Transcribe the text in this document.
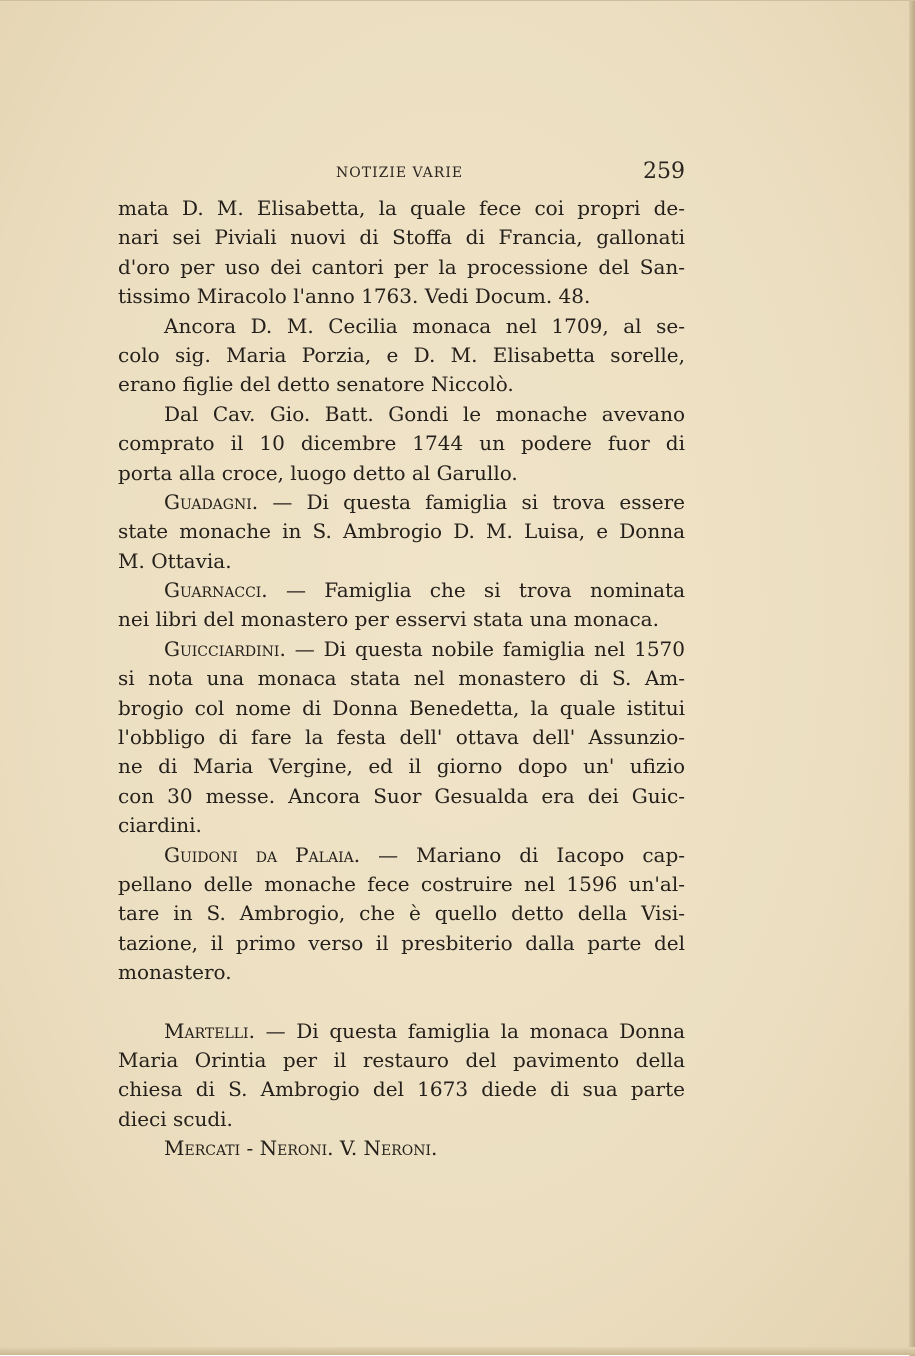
NOTIZIE VARIE	259
mata D. M. Elisabetta, la quale fece coi propri de-
nari sei Piviali nuovi di Stoffa di Francia, gallonati
d'oro per uso dei cantori per la processione del San-
tissimo Miracolo l'anno 1763. Vedi Docum. 48.
Ancora D. M. Cecilia monaca nel 1709, al se-
colo sig. Maria Porzia, e D. M. Elisabetta sorelle,
erano figlie del detto senatore Niccolò.
Dal Cav. Gio. Batt. Gondi le monache avevano
comprato il 10 dicembre 1744 un podere fuor di
porta alla croce, luogo detto al Garullo.
Guadagni. — Di questa famiglia si trova essere
state monache in S. Ambrogio D. M. Luisa, e Donna
M. Ottavia.
Guarnacci. — Famiglia che si trova nominata
nei libri del monastero per esservi stata una monaca.
Guicciardini. — Di questa nobile famiglia nel 1570
si nota una monaca stata nel monastero di S. Am-
brogio col nome di Donna Benedetta, la quale istitui
l'obbligo di fare la festa dell' ottava dell' Assunzio-
ne di Maria Vergine, ed il giorno dopo un' ufizio
con 30 messe. Ancora Suor Gesualda era dei Guic-
ciardini.
Guidoni da Palaia. — Mariano di Iacopo cap-
pellano delle monache fece costruire nel 1596 un'al-
tare in S. Ambrogio, che è quello detto della Visi-
tazione, il primo verso il presbiterio dalla parte del
monastero.
Martelli. — Di questa famiglia la monaca Donna
Maria Orintia per il restauro del pavimento della
chiesa di S. Ambrogio del 1673 diede di sua parte
dieci scudi.
Mercati - Neroni. V. Neroni.
